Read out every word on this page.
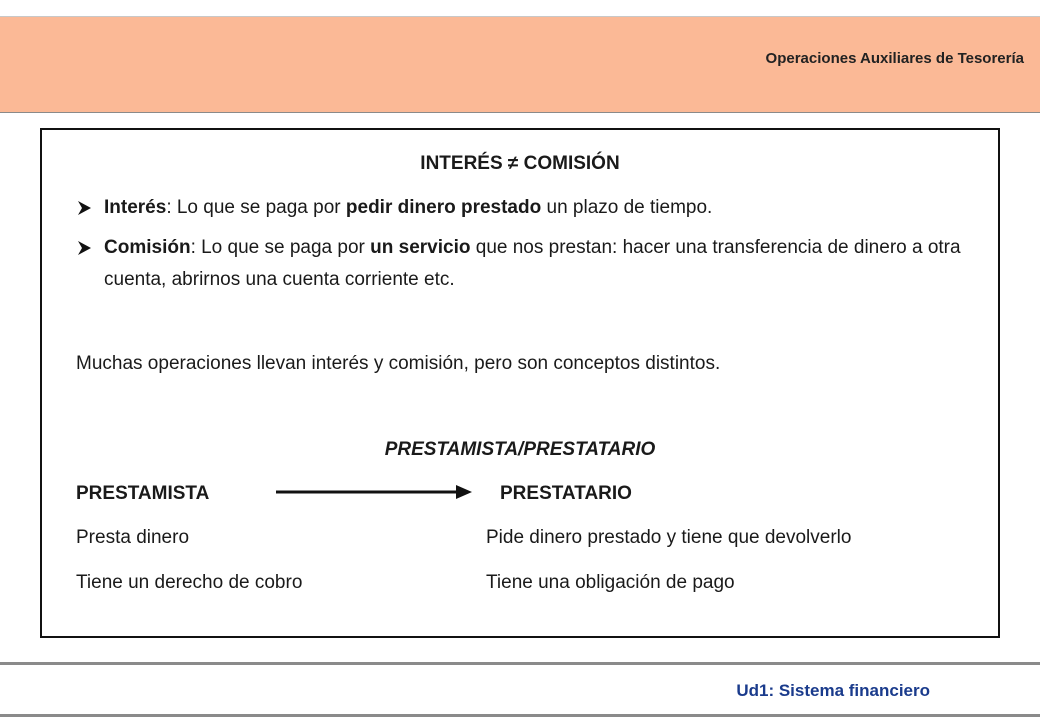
Operaciones Auxiliares de Tesorería
INTERÉS ≠ COMISIÓN
Interés: Lo que se paga por pedir dinero prestado un plazo de tiempo.
Comisión: Lo que se paga por un servicio que nos prestan: hacer una transferencia de dinero a otra cuenta, abrirnos una cuenta corriente etc.
Muchas operaciones llevan interés y comisión, pero son conceptos distintos.
PRESTAMISTA/PRESTATARIO
PRESTAMISTA	PRESTATARIO
Presta dinero	Pide dinero prestado y tiene que devolverlo
Tiene un derecho de cobro	Tiene una obligación de pago
Ud1: Sistema financiero
